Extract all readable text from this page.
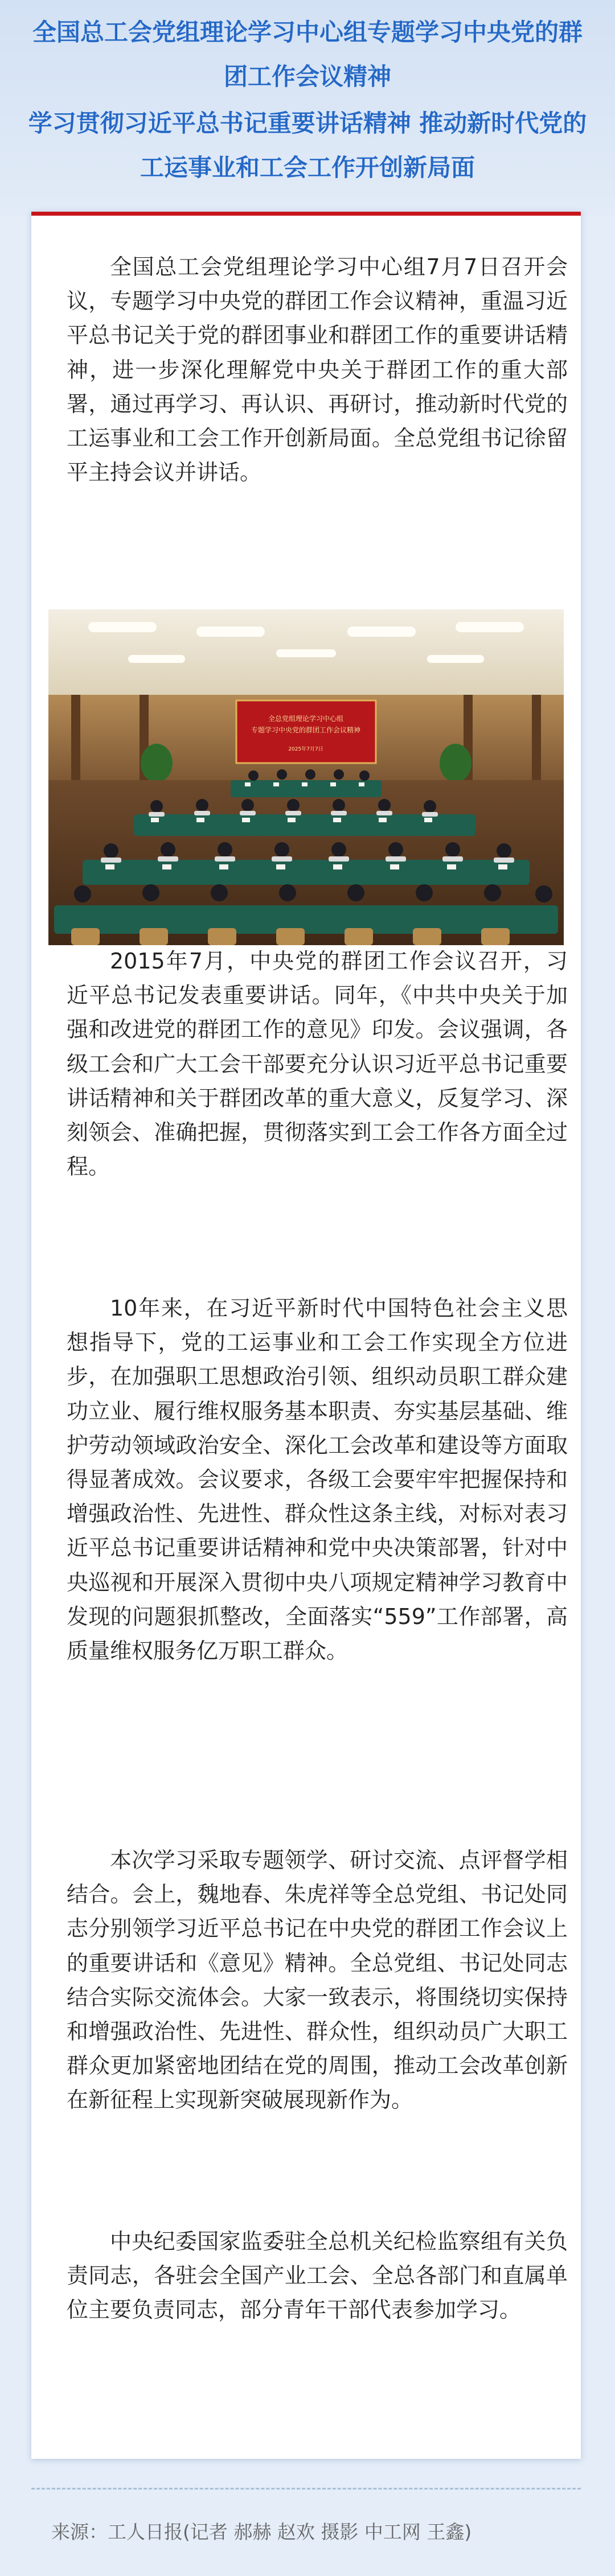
全国总工会党组理论学习中心组专题学习中央党的群团工作会议精神

学习贯彻习近平总书记重要讲话精神 推动新时代党的工运事业和工会工作开创新局面

全国总工会党组理论学习中心组7月7日召开会议，专题学习中央党的群团工作会议精神，重温习近平总书记关于党的群团事业和群团工作的重要讲话精神，进一步深化理解党中央关于群团工作的重大部署，通过再学习、再认识、再研讨，推动新时代党的工运事业和工会工作开创新局面。全总党组书记徐留平主持会议并讲话。

全总党组理论学习中心组
专题学习中央党的群团工作会议精神
2025年7月7日

2015年7月，中央党的群团工作会议召开，习近平总书记发表重要讲话。同年，《中共中央关于加强和改进党的群团工作的意见》印发。会议强调，各级工会和广大工会干部要充分认识习近平总书记重要讲话精神和关于群团改革的重大意义，反复学习、深刻领会、准确把握，贯彻落实到工会工作各方面全过程。

10年来，在习近平新时代中国特色社会主义思想指导下，党的工运事业和工会工作实现全方位进步，在加强职工思想政治引领、组织动员职工群众建功立业、履行维权服务基本职责、夯实基层基础、维护劳动领域政治安全、深化工会改革和建设等方面取得显著成效。会议要求，各级工会要牢牢把握保持和增强政治性、先进性、群众性这条主线，对标对表习近平总书记重要讲话精神和党中央决策部署，针对中央巡视和开展深入贯彻中央八项规定精神学习教育中发现的问题狠抓整改，全面落实“559”工作部署，高质量维权服务亿万职工群众。

本次学习采取专题领学、研讨交流、点评督学相结合。会上，魏地春、朱虎祥等全总党组、书记处同志分别领学习近平总书记在中央党的群团工作会议上的重要讲话和《意见》精神。全总党组、书记处同志结合实际交流体会。大家一致表示，将围绕切实保持和增强政治性、先进性、群众性，组织动员广大职工群众更加紧密地团结在党的周围，推动工会改革创新在新征程上实现新突破展现新作为。

中央纪委国家监委驻全总机关纪检监察组有关负责同志，各驻会全国产业工会、全总各部门和直属单位主要负责同志，部分青年干部代表参加学习。

来源：工人日报(记者 郝赫 赵欢 摄影 中工网 王鑫)
